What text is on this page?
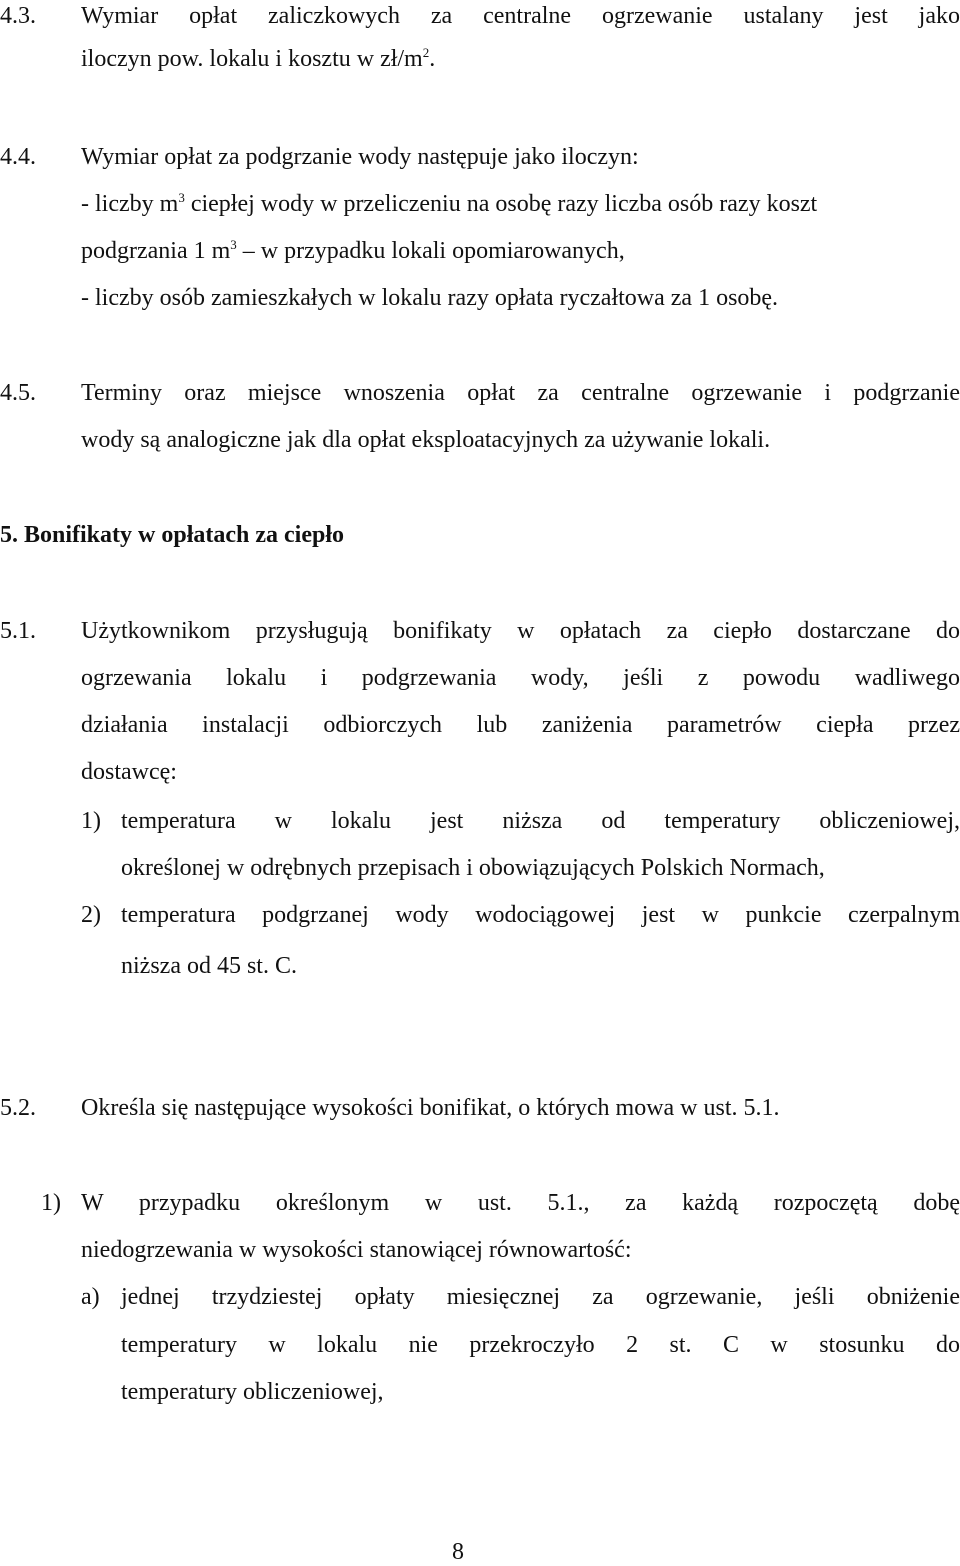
4.3. Wymiar opłat zaliczkowych za centralne ogrzewanie ustalany jest jako
iloczyn pow. lokalu i kosztu w $zł/m^2$.
4.4. Wymiar opłat za podgrzanie wody następuje jako iloczyn:
- liczby $m^3$ ciepłej wody w przeliczeniu na osobę razy liczba osób razy koszt
podgrzania 1 $m^3$ – w przypadku lokali opomiarowanych,
- liczby osób zamieszkałych w lokalu razy opłata ryczałtowa za 1 osobę.
4.5. Terminy oraz miejsce wnoszenia opłat za centralne ogrzewanie i podgrzanie
wody są analogiczne jak dla opłat eksploatacyjnych za używanie lokali.
5. Bonifikaty w opłatach za ciepło
5.1. Użytkownikom przysługują bonifikaty w opłatach za ciepło dostarczane do
ogrzewania lokalu i podgrzewania wody, jeśli z powodu wadliwego
działania instalacji odbiorczych lub zaniżenia parametrów ciepła przez
dostawcę:
1) temperatura w lokalu jest niższa od temperatury obliczeniowej,
określonej w odrębnych przepisach i obowiązujących Polskich Normach,
2) temperatura podgrzanej wody wodociągowej jest w punkcie czerpalnym
niższa od 45 st. C.
5.2. Określa się następujące wysokości bonifikat, o których mowa w ust. 5.1.
1) W przypadku określonym w ust. 5.1., za każdą rozpoczętą dobę
niedogrzewania w wysokości stanowiącej równowartość:
a) jednej trzydziestej opłaty miesięcznej za ogrzewanie, jeśli obniżenie
temperatury w lokalu nie przekroczyło 2 st. C w stosunku do
temperatury obliczeniowej,
8
